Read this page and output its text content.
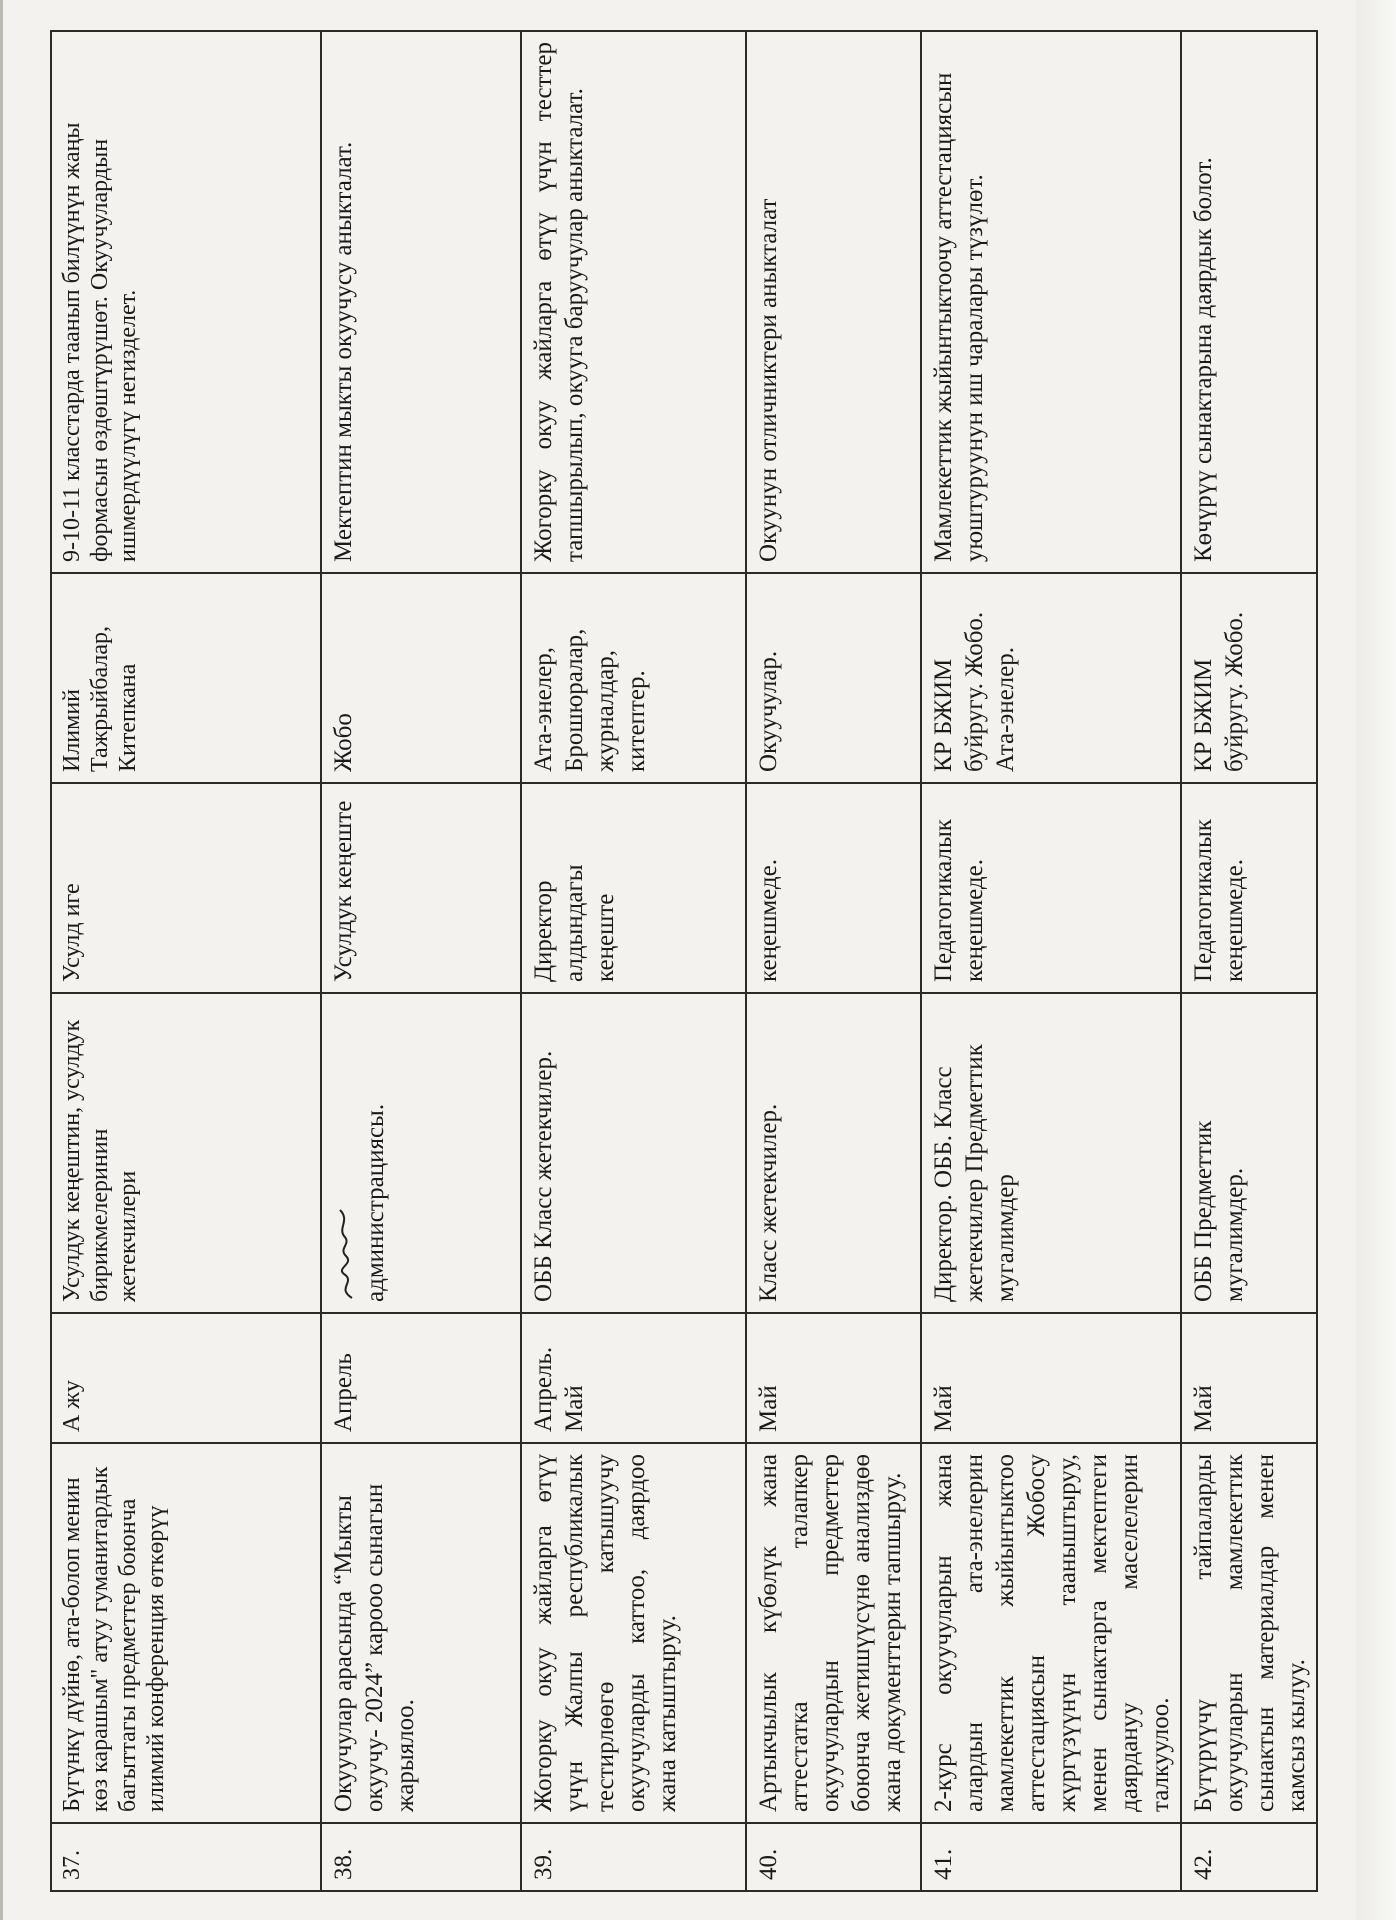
37.	Бүгүнкү дүйнө, ата-болоп менин көз карашым" атуу гуманитардык багыттагы предметтер боюнча илимий конференция өткөрүү	А жу	Усулдук кеңештин, усулдук бирикмелеринин жетекчилери	Усулд иге	Илимий Тажрыйбалар, Китепкана	9-10-11 класстарда таанып билүүнүн жаңы формасын өздөштүрүшөт. Окуучулардын ишмердүүлүгү негизделет.
38.	Окуучулар арасында “Мыкты окуучу- 2024” карооо сынагын жарыялоо.	Апрель	администрациясы.	Усулдук кеңеште	Жобо	Мектептин мыкты окуучусу аныкталат.
39.	Жогорку окуу жайларга өтүү үчүн Жалпы республикалык тестирлөөгө катышуучу окуучуларды каттоо, даярдоо жана катыштыруу.	Апрель. Май	ОББ Класс жетекчилер.	Директор алдындагы кеңеште	Ата-энелер, Брошюралар, журналдар, китептер.	Жогорку окуу жайларга өтүү үчүн тесттер тапшырылып, окууга баруучулар аныкталат.
40.	Артыкчылык күбөлүк жана аттестатка талапкер окуучулардын предметтер боюнча жетишүүсүнө анализдөө жана документтерин тапшыруу.	Май	Класс жетекчилер.	кеңешмеде.	Окуучулар.	Окуунун отличниктери аныкталат
41.	2-курс окуучуларын жана алардын ата-энелерин мамлекеттик жыйынтыктоо аттестациясын Жобосу жүргүзүүнүн тааныштыруу, менен сынактарга мектептеги даярдануу маселелерин талкуулоо.	Май	Директор. ОББ. Класс жетекчилер Предметтик мугалимдер	Педагогикалык кеңешмеде.	КР БЖИМ буйругу. Жобо. Ата-энелер.	Мамлекеттик жыйынтыктоочу аттестациясын уюштуруунун иш чаралары түзүлөт.
42.	Бүтүрүүчү тайпаларды окуучуларын мамлекеттик сынактын материалдар менен камсыз кылуу.	Май	ОББ Предметтик мугалимдер.	Педагогикалык кеңешмеде.	КР БЖИМ буйругу. Жобо.	Көчүрүү сынактарына даярдык болот.
